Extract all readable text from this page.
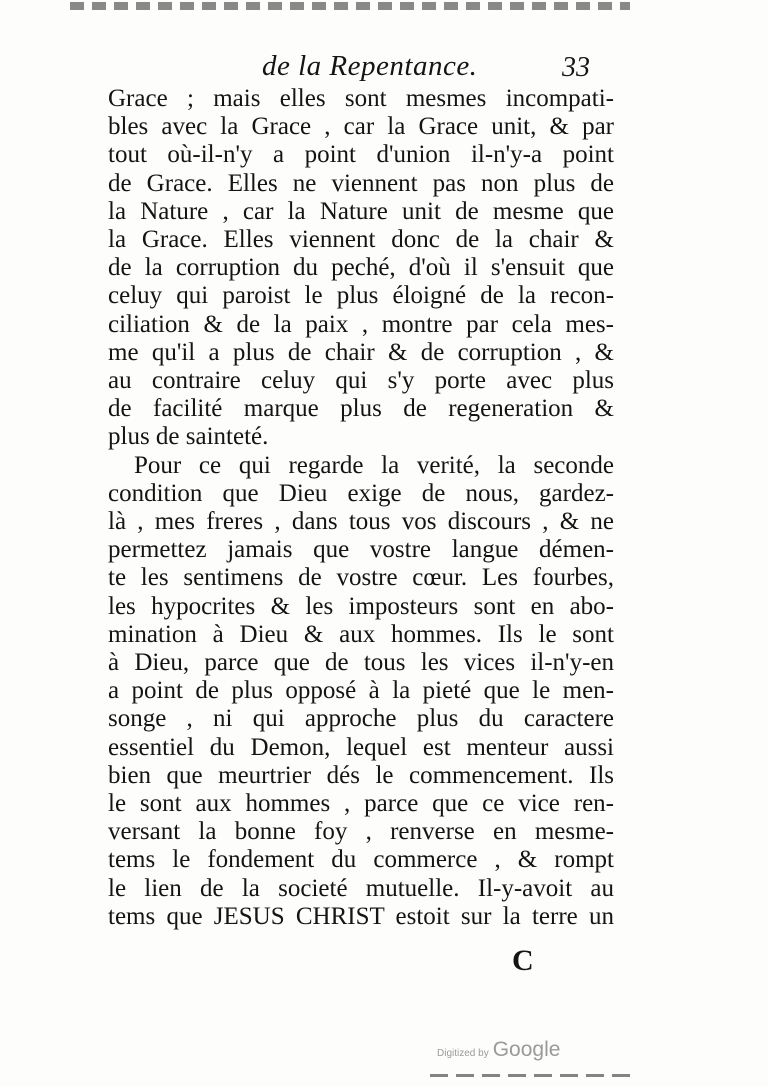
de la Repentance.	33
Grace ; mais elles sont mesmes incompati-
bles avec la Grace , car la Grace unit, & par
tout où-il-n'y a point d'union il-n'y-a point
de Grace. Elles ne viennent pas non plus de
la Nature , car la Nature unit de mesme que
la Grace. Elles viennent donc de la chair &
de la corruption du peché, d'où il s'ensuit que
celuy qui paroist le plus éloigné de la recon-
ciliation & de la paix , montre par cela mes-
me qu'il a plus de chair & de corruption , &
au contraire celuy qui s'y porte avec plus
de facilité marque plus de regeneration &
plus de sainteté.
Pour ce qui regarde la verité, la seconde
condition que Dieu exige de nous, gardez-
là , mes freres , dans tous vos discours , & ne
permettez jamais que vostre langue démen-
te les sentimens de vostre cœur. Les fourbes,
les hypocrites & les imposteurs sont en abo-
mination à Dieu & aux hommes. Ils le sont
à Dieu, parce que de tous les vices il-n'y-en
a point de plus opposé à la pieté que le men-
songe , ni qui approche plus du caractere
essentiel du Demon, lequel est menteur aussi
bien que meurtrier dés le commencement. Ils
le sont aux hommes , parce que ce vice ren-
versant la bonne foy , renverse en mesme-
tems le fondement du commerce , & rompt
le lien de la societé mutuelle. Il-y-avoit au
tems que JESUS CHRIST estoit sur la terre un
C
Digitized by Google
